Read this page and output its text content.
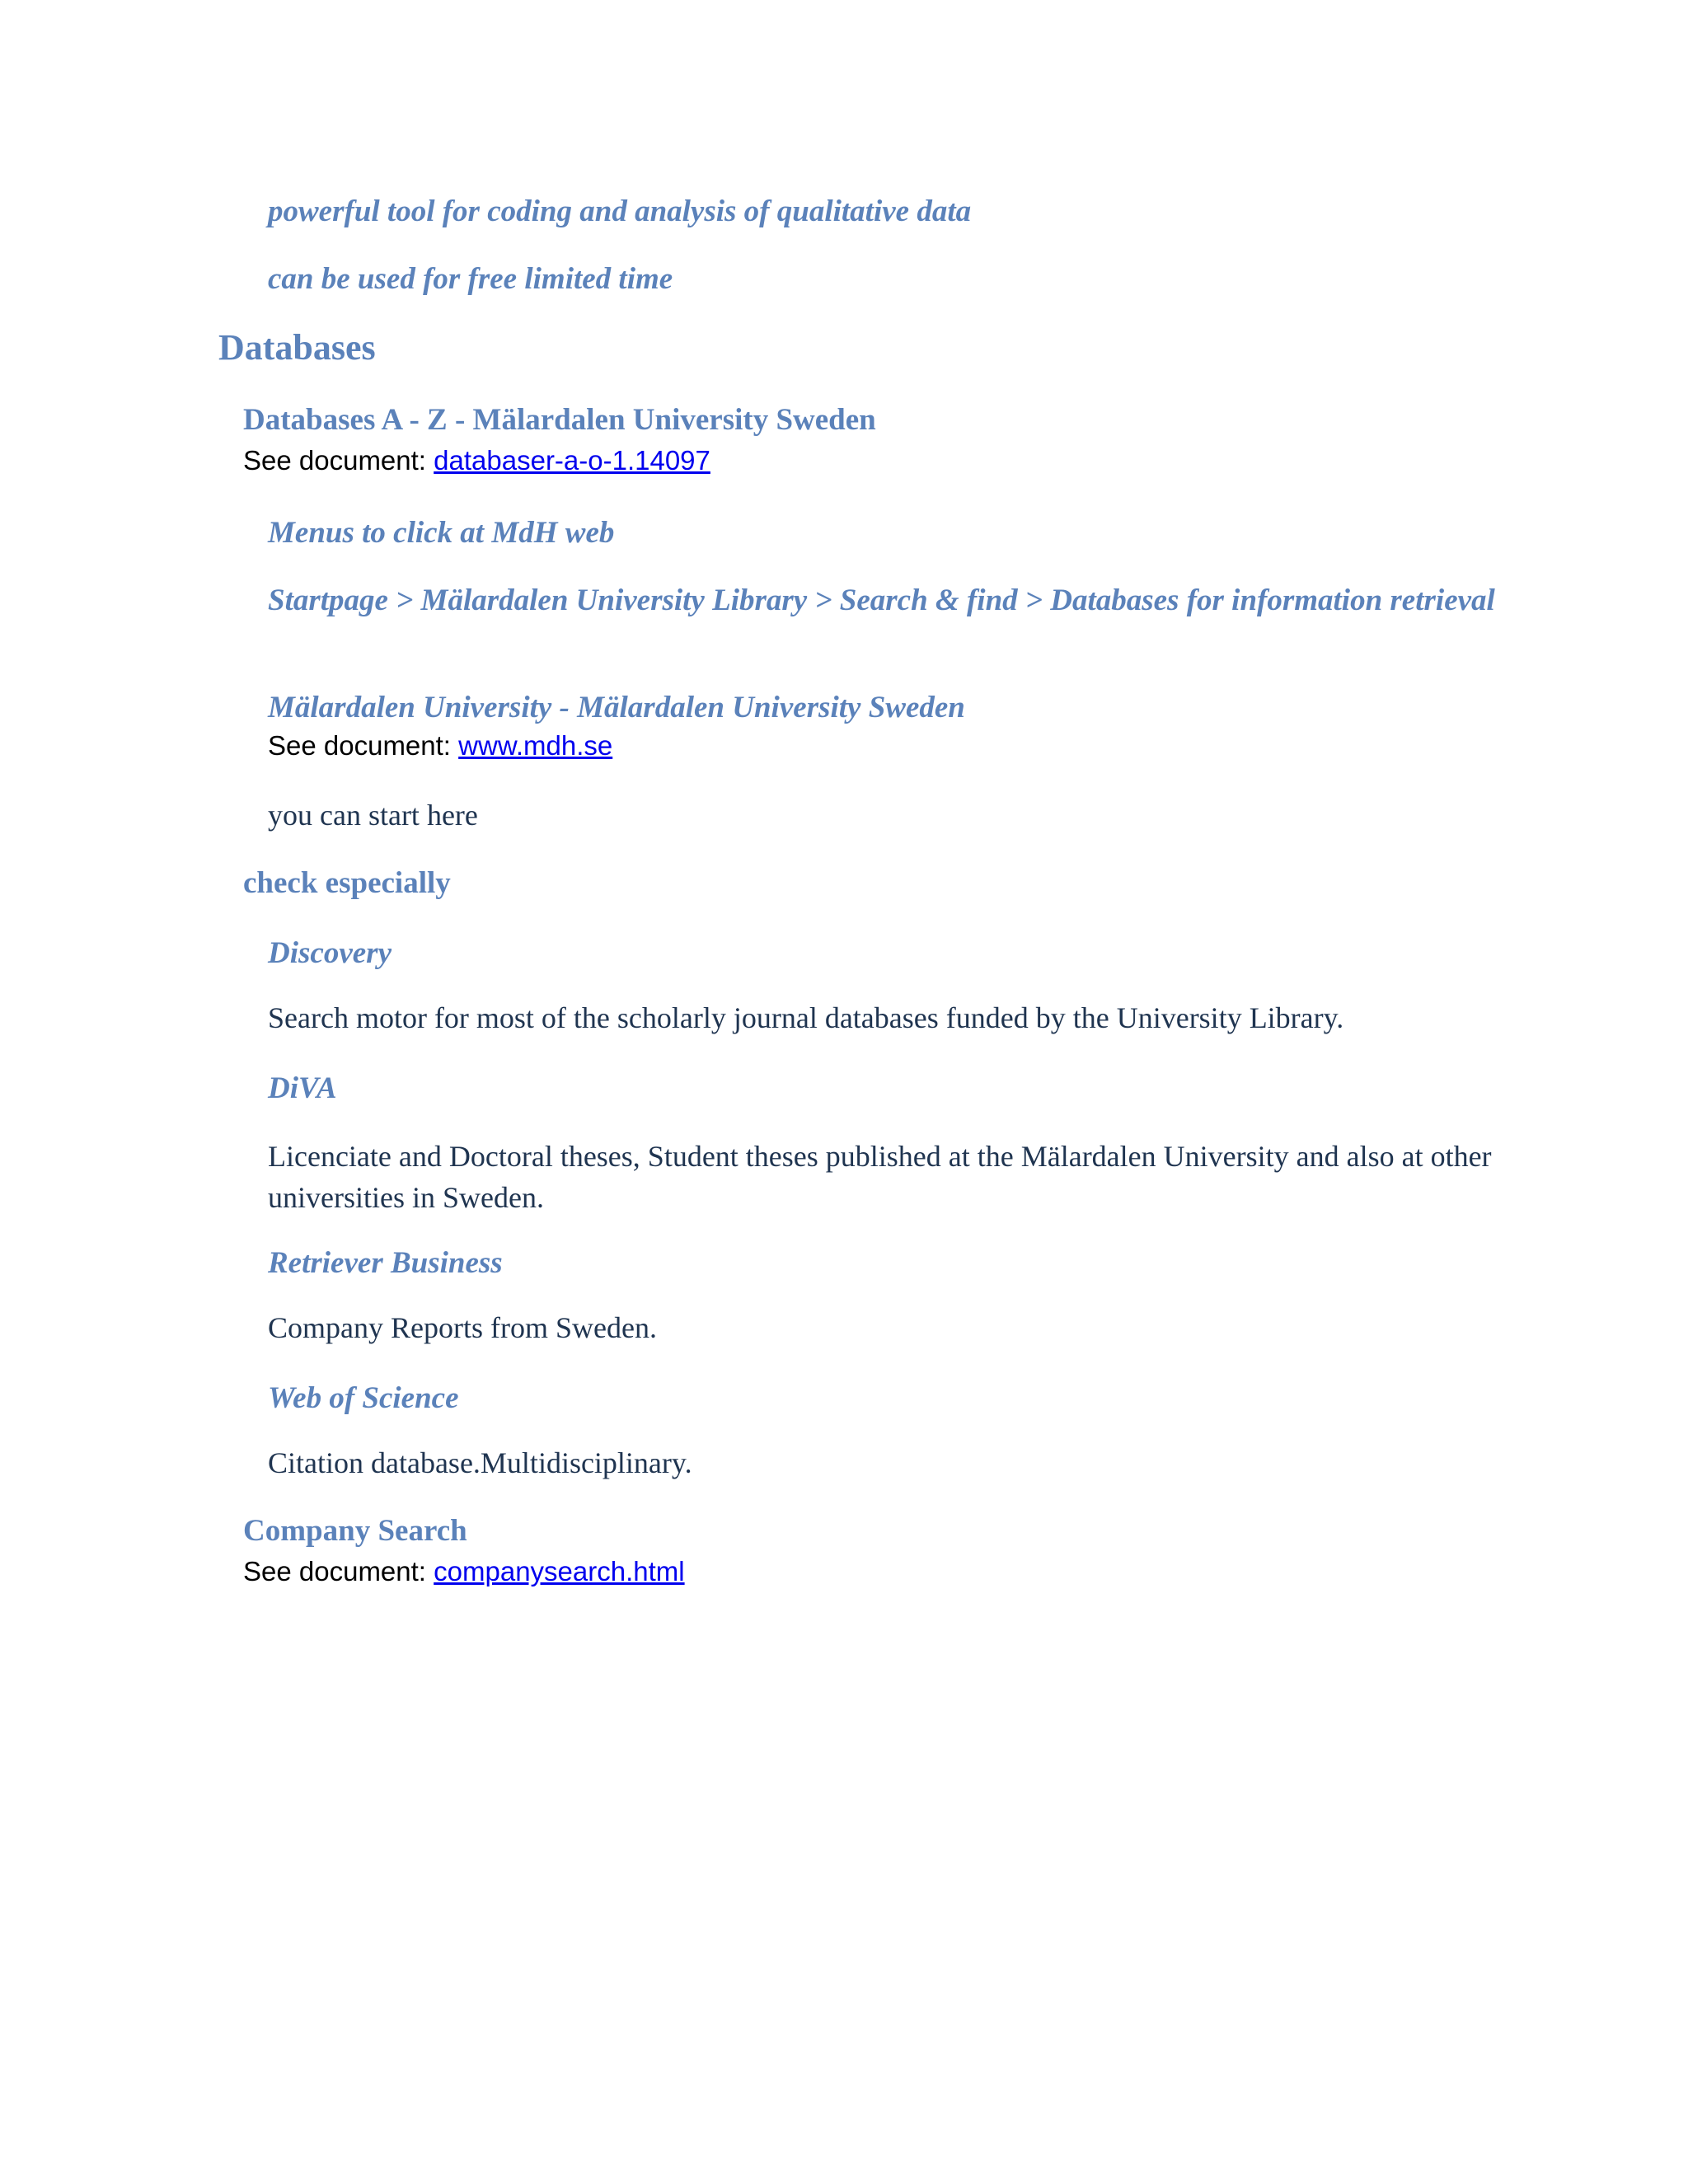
powerful tool for coding and analysis of qualitative data
can be used for free limited time
Databases
Databases A - Z - Mälardalen University Sweden
See document: databaser-a-o-1.14097
Menus to click at MdH web
Startpage > Mälardalen University Library > Search & find > Databases for information retrieval
Mälardalen University - Mälardalen University Sweden
See document: www.mdh.se
you can start here
check especially
Discovery
Search motor for most of the scholarly journal databases funded by the University Library.
DiVA
Licenciate and Doctoral theses, Student theses published at the Mälardalen University and also at other universities in Sweden.
Retriever Business
Company Reports from Sweden.
Web of Science
Citation database.Multidisciplinary.
Company Search
See document: companysearch.html
